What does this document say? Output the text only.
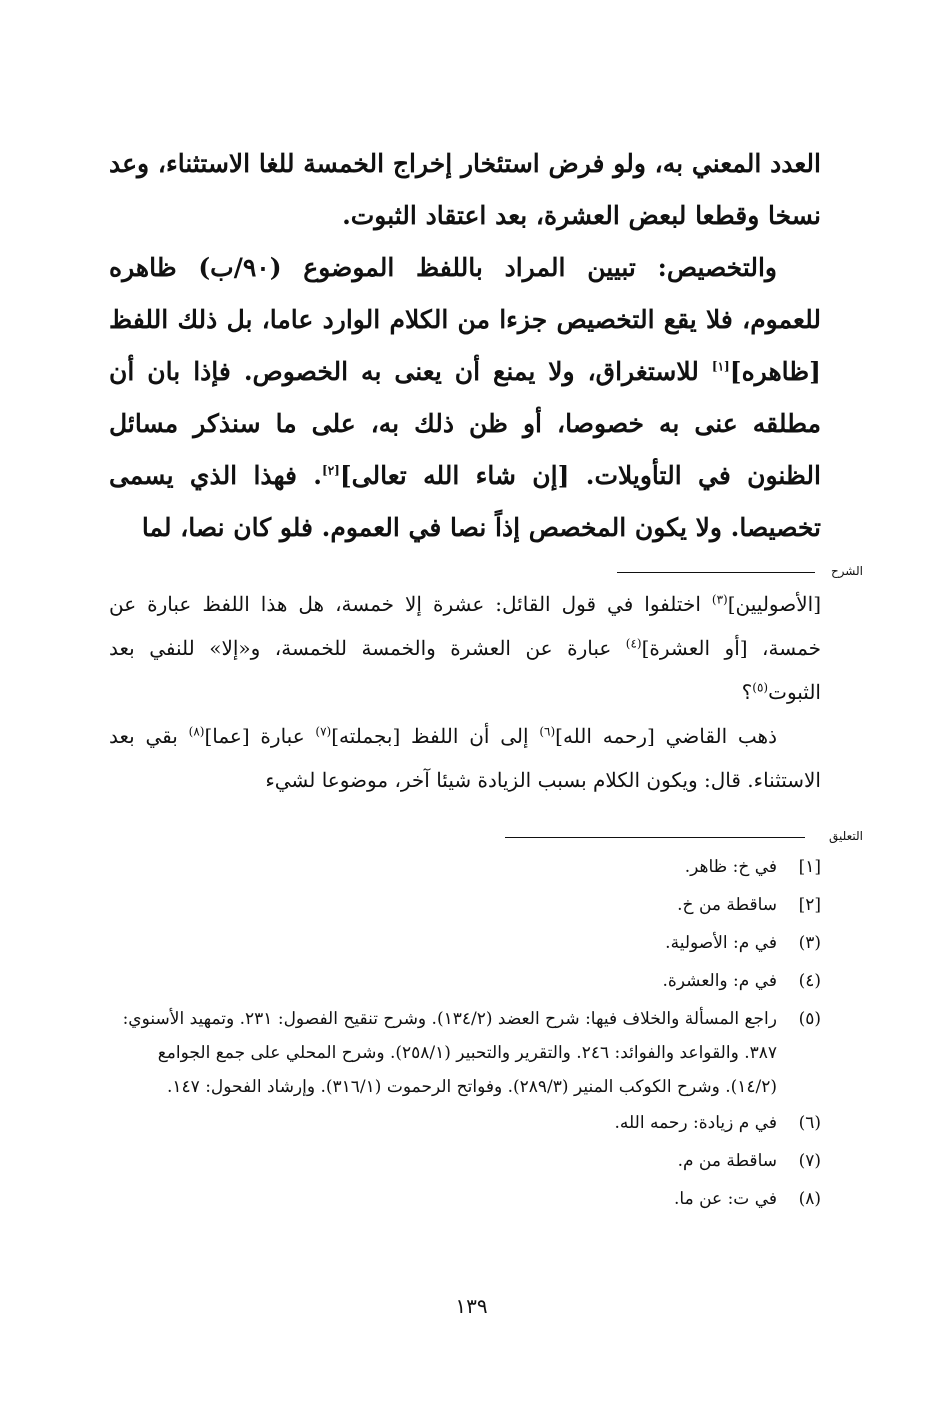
العدد المعني به، ولو فرض استئخار إخراج الخمسة للغا الاستثناء، وعد نسخا وقطعا لبعض العشرة، بعد اعتقاد الثبوت.

والتخصيص: تبيين المراد باللفظ الموضوع (٩٠/ب) ظاهره للعموم، فلا يقع التخصيص جزءا من الكلام الوارد عاما، بل ذلك اللفظ [ظاهره][١] للاستغراق، ولا يمنع أن يعنى به الخصوص. فإذا بان أن مطلقه عنى به خصوصا، أو ظن ذلك به، على ما سنذكر مسائل الظنون في التأويلات. [إن شاء الله تعالى][٢]. فهذا الذي يسمى تخصيصا. ولا يكون المخصص إذاً نصا في العموم. فلو كان نصا، لما

الشرح

[الأصوليين]$^{(٣)}$ اختلفوا في قول القائل: عشرة إلا خمسة، هل هذا اللفظ عبارة عن خمسة، [أو العشرة]$^{(٤)}$ عبارة عن العشرة والخمسة للخمسة، و«إلا» للنفي بعد الثبوت$^{(٥)}$؟

ذهب القاضي [رحمه الله]$^{(٦)}$ إلى أن اللفظ [بجملته]$^{(٧)}$ عبارة [عما]$^{(٨)}$ بقي بعد الاستثناء. قال: ويكون الكلام بسبب الزيادة شيئا آخر، موضوعا لشيء

التعليق
[١]
في خ: ظاهر.
[٢]
ساقطة من خ.
(٣)
في م: الأصولية.
(٤)
في م: والعشرة.
(٥)
راجع المسألة والخلاف فيها: شرح العضد (١٣٤/٢). وشرح تنقيح الفصول: ٢٣١. وتمهيد الأسنوي: ٣٨٧. والقواعد والفوائد: ٢٤٦. والتقرير والتحبير (٢٥٨/١). وشرح المحلي على جمع الجوامع (١٤/٢). وشرح الكوكب المنير (٢٨٩/٣). وفواتح الرحموت (٣١٦/١). وإرشاد الفحول: ١٤٧.
(٦)
في م زيادة: رحمه الله.
(٧)
ساقطة من م.
(٨)
في ت: عن ما.
١٣٩
